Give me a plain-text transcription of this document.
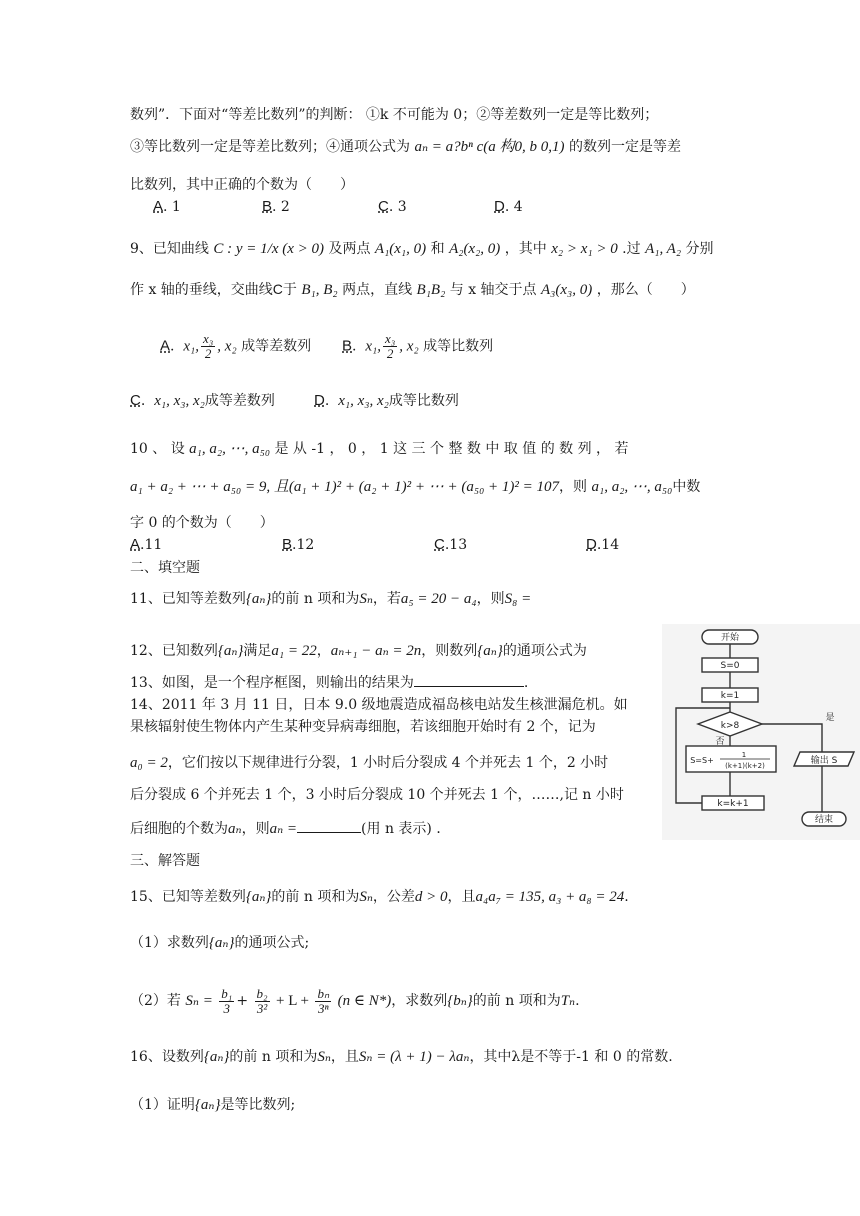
数列”．下面对“等差比数列”的判断： ①k 不可能为 0；②等差数列一定是等比数列；
③等比数列一定是等差比数列；④通项公式为 aₙ = a?bⁿ c(a 构0, b 0,1) 的数列一定是等差
比数列，其中正确的个数为（　　）
A. 1	B. 2	C. 3	D. 4
9、已知曲线 C : y = 1/x (x > 0) 及两点 A₁(x₁, 0) 和 A₂(x₂, 0) ，其中 x₂ > x₁ > 0 .过 A₁, A₂ 分别
作 x 轴的垂线，交曲线C于 B₁, B₂ 两点，直线 B₁B₂ 与 x 轴交于点 A₃(x₃, 0) ，那么（　　）
A.  x₁, $\frac{\text{x₃}}{2}$ , x₂ 成等差数列 B.  x₁, $\frac{\text{x₃}}{2}$ , x₂ 成等比数列
C.  x₁, x₃, x₂成等差数列	D.  x₁, x₃, x₂成等比数列
10 、 设 a₁, a₂, ⋯, a₅₀ 是 从 -1 ， 0 ， 1 这 三 个 整 数 中 取 值 的 数 列 ， 若
a₁ + a₂ + ⋯ + a₅₀ = 9, 且(a₁ + 1)² + (a₂ + 1)² + ⋯ + (a₅₀ + 1)² = 107，则 a₁, a₂, ⋯, a₅₀中数
字 0 的个数为（　　）
A.11	B.12	C.13	D.14
二、填空题
11、已知等差数列{aₙ}的前 n 项和为Sₙ，若a₅ = 20 − a₄，则S₈ =
12、已知数列{aₙ}满足a₁ = 22，aₙ₊₁ − aₙ = 2n，则数列{aₙ}的通项公式为
13、如图，是一个程序框图，则输出的结果为	.
14、2011 年 3 月 11 日，日本 9.0 级地震造成福岛核电站发生核泄漏危机。如
果核辐射使生物体内产生某种变异病毒细胞，若该细胞开始时有 2 个，记为
a₀ = 2，它们按以下规律进行分裂，1 小时后分裂成 4 个并死去 1 个，2 小时
后分裂成 6 个并死去 1 个，3 小时后分裂成 10 个并死去 1 个，……,记 n 小时
后细胞的个数为aₙ，则aₙ =	(用 n 表示) ．
三、解答题
15、已知等差数列{aₙ}的前 n 项和为Sₙ，公差d > 0，且a₄a₇ = 135, a₃ + a₈ = 24.
（1）求数列{aₙ}的通项公式;
（2）若 $S_n = \frac{\text{b₁}}{3} + \frac{\text{b₂}}{\text{3²}} + L + \frac{\text{bₙ}}{\text{3ⁿ}} (n$ ∈ N*)，求数列{bₙ}的前 n 项和为Tₙ.
16、设数列{aₙ}的前 n 项和为Sₙ，且Sₙ = (λ + 1) − λaₙ，其中λ是不等于-1 和 0 的常数.
（1）证明{aₙ}是等比数列;
开始
S=0
k=1
k>8
是
否
S=S+
1
(k+1)(k+2)	输出 S
k=k+1
结束
